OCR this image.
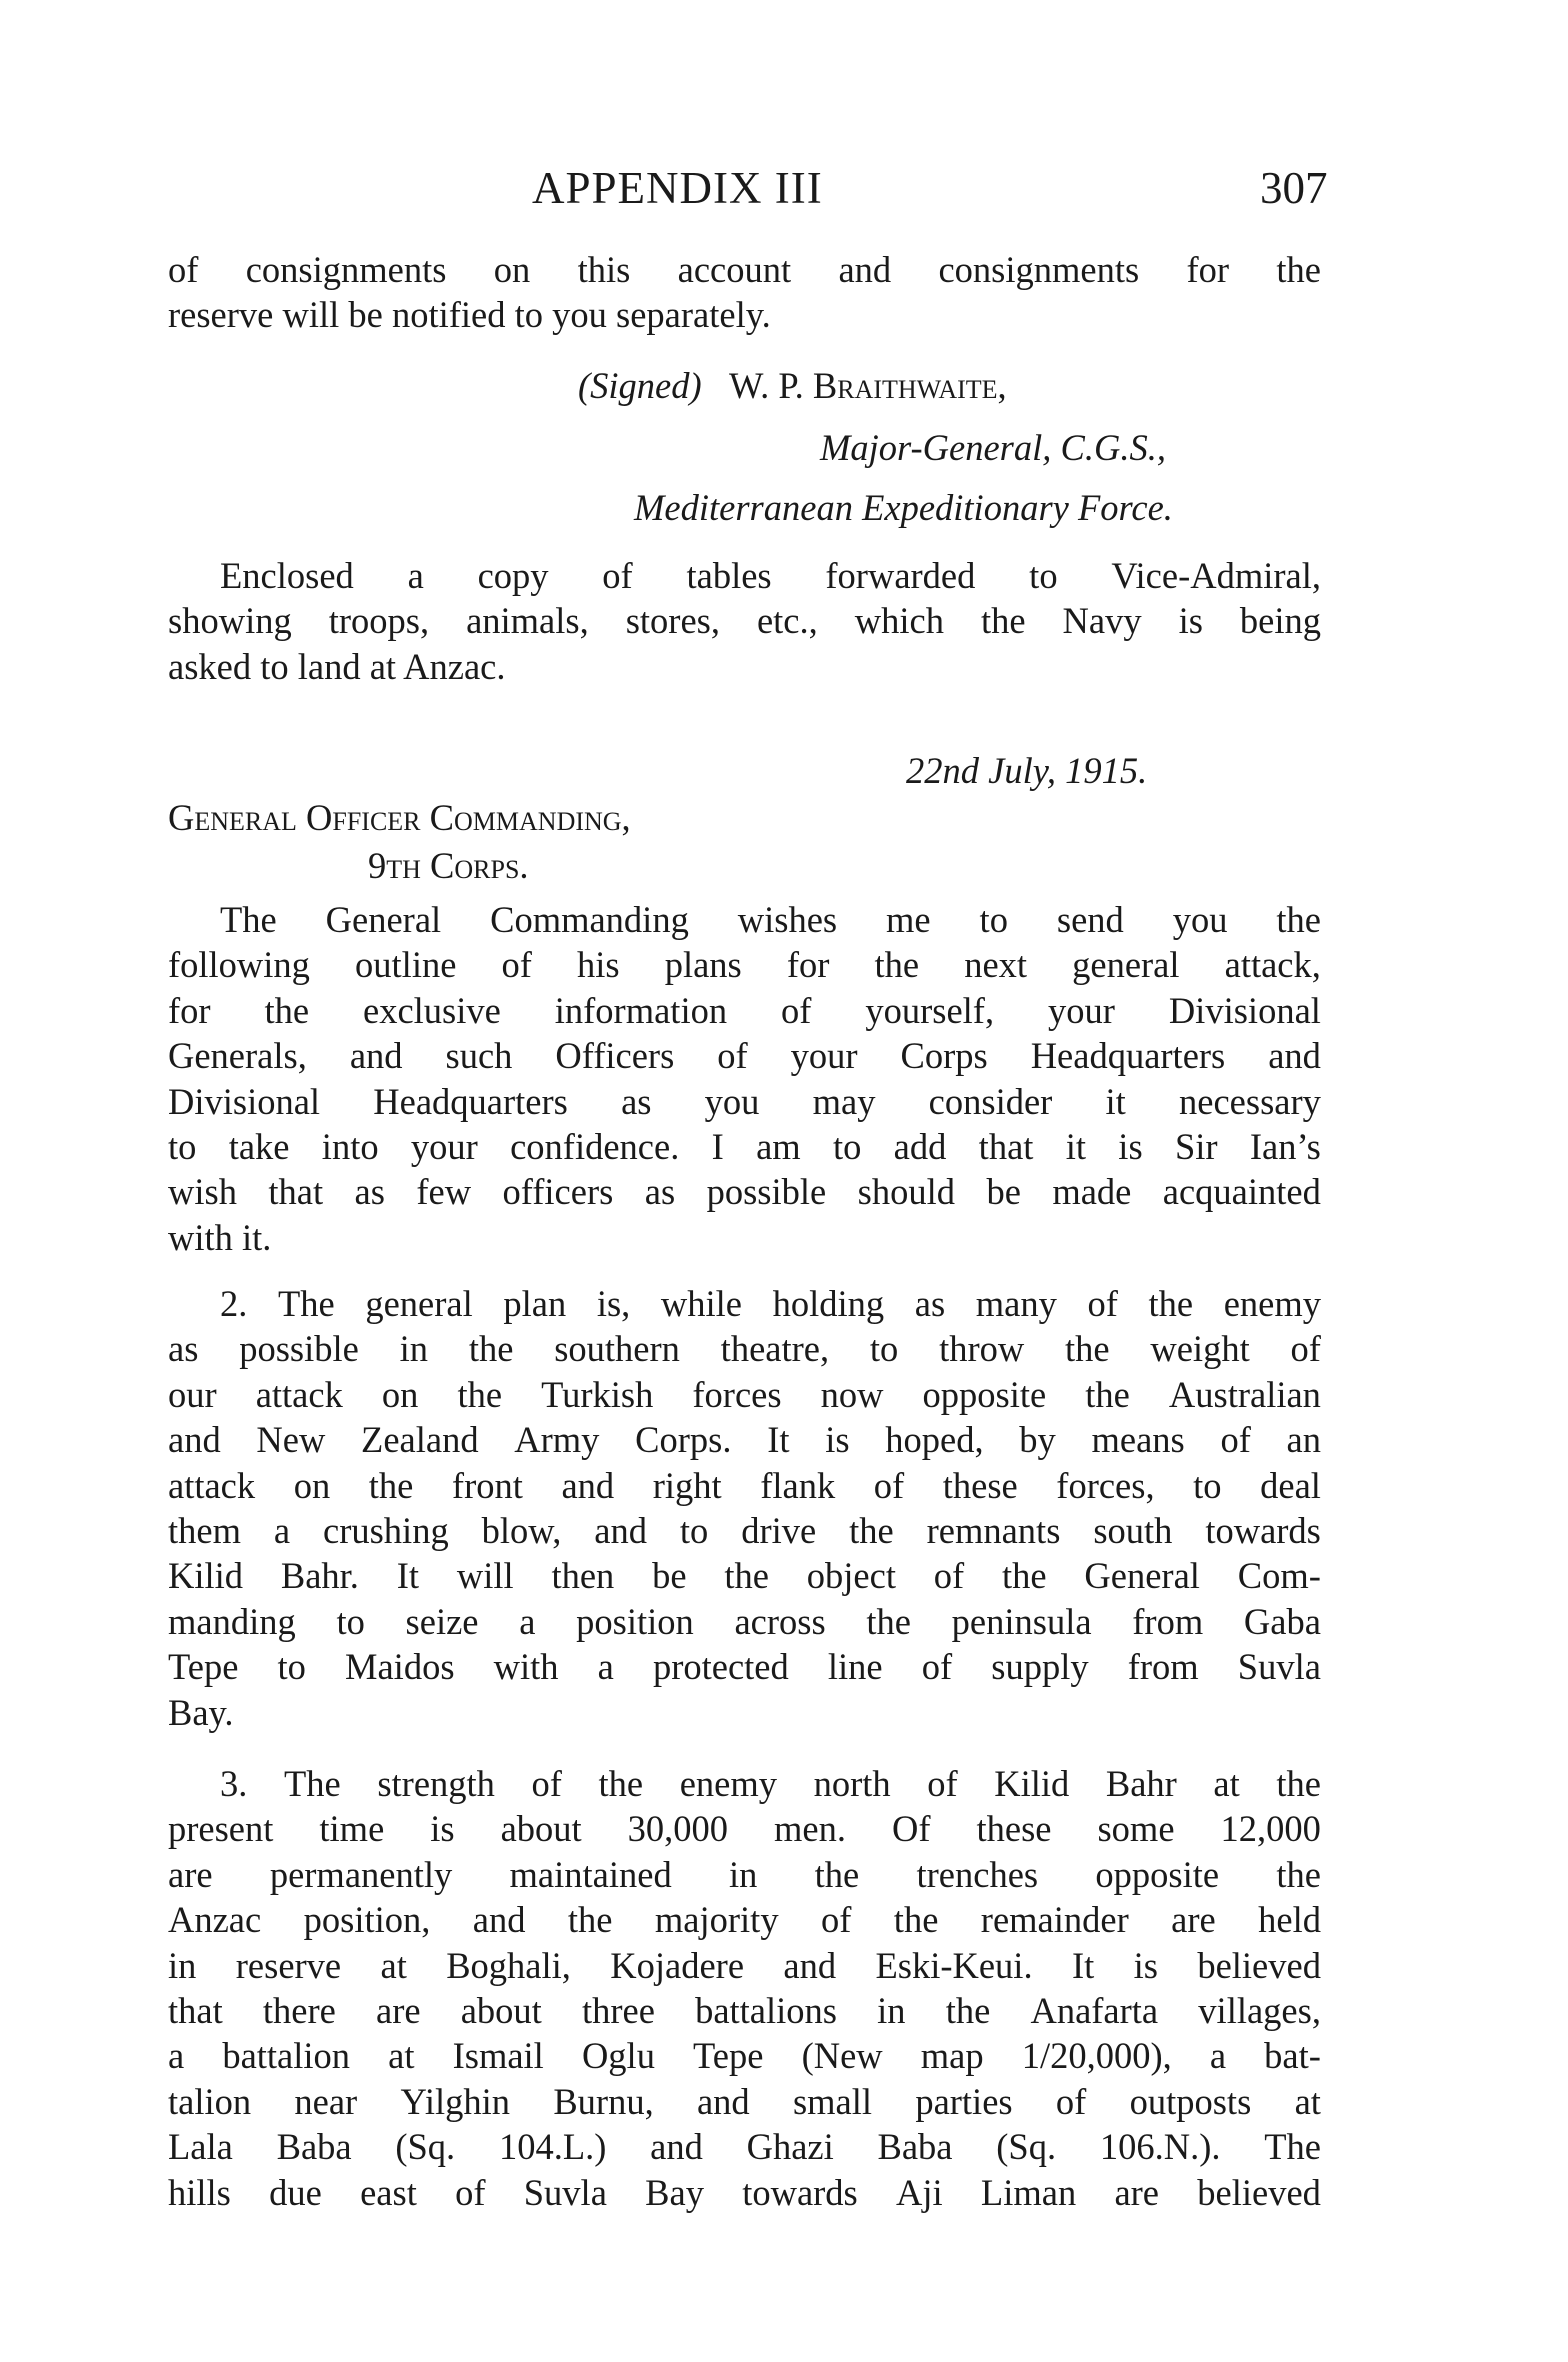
APPENDIX III	307
of consignments on this account and consignments for the
reserve will be notified to you separately.
(Signed) W. P. Braithwaite,
Major-General, C.G.S.,
Mediterranean Expeditionary Force.
Enclosed a copy of tables forwarded to Vice-Admiral,
showing troops, animals, stores, etc., which the Navy is being
asked to land at Anzac.
22nd July, 1915.
General Officer Commanding,
9th Corps.
The General Commanding wishes me to send you the
following outline of his plans for the next general attack,
for the exclusive information of yourself, your Divisional
Generals, and such Officers of your Corps Headquarters and
Divisional Headquarters as you may consider it necessary
to take into your confidence. I am to add that it is Sir Ian’s
wish that as few officers as possible should be made acquainted
with it.
2. The general plan is, while holding as many of the enemy
as possible in the southern theatre, to throw the weight of
our attack on the Turkish forces now opposite the Australian
and New Zealand Army Corps. It is hoped, by means of an
attack on the front and right flank of these forces, to deal
them a crushing blow, and to drive the remnants south towards
Kilid Bahr. It will then be the object of the General Com-
manding to seize a position across the peninsula from Gaba
Tepe to Maidos with a protected line of supply from Suvla
Bay.
3. The strength of the enemy north of Kilid Bahr at the
present time is about 30,000 men. Of these some 12,000
are permanently maintained in the trenches opposite the
Anzac position, and the majority of the remainder are held
in reserve at Boghali, Kojadere and Eski-Keui. It is believed
that there are about three battalions in the Anafarta villages,
a battalion at Ismail Oglu Tepe (New map 1/20,000), a bat-
talion near Yilghin Burnu, and small parties of outposts at
Lala Baba (Sq. 104.L.) and Ghazi Baba (Sq. 106.N.). The
hills due east of Suvla Bay towards Aji Liman are believed
